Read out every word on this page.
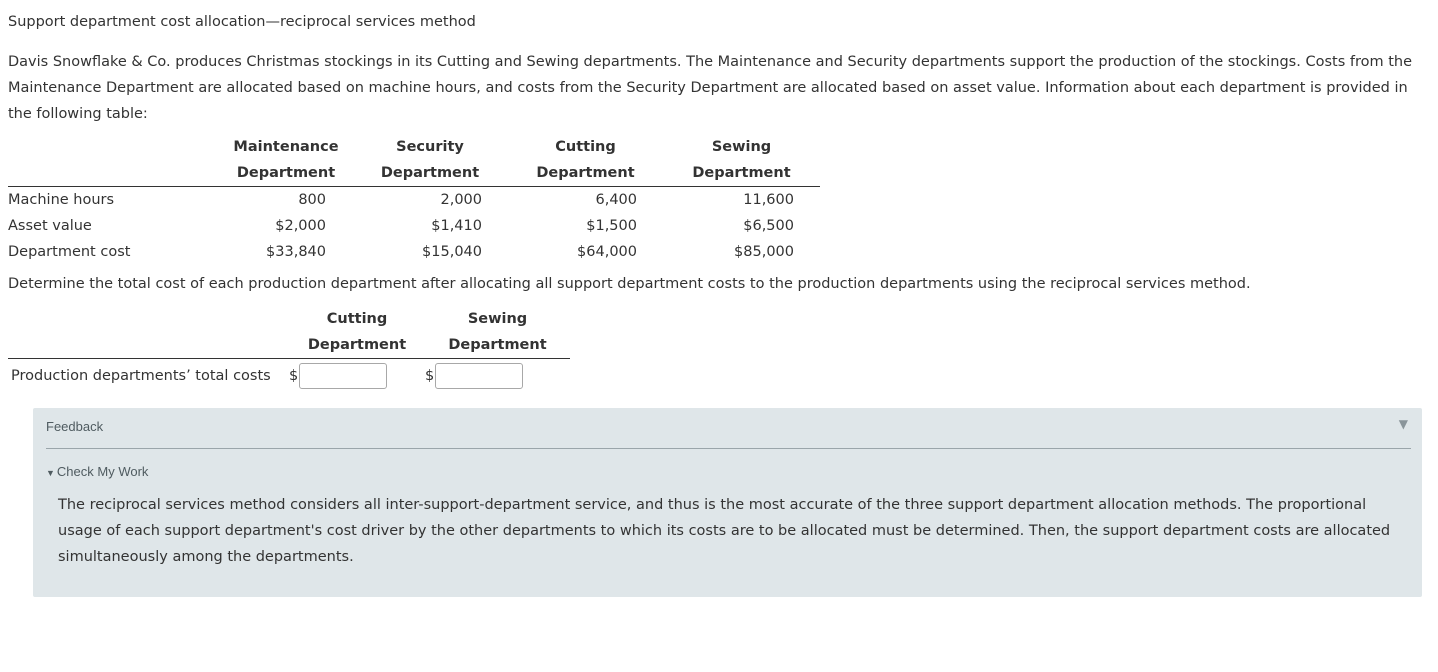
Support department cost allocation—reciprocal services method
Davis Snowflake & Co. produces Christmas stockings in its Cutting and Sewing departments. The Maintenance and Security departments support the production of the stockings. Costs from the Maintenance Department are allocated based on machine hours, and costs from the Security Department are allocated based on asset value. Information about each department is provided in the following table:
	Maintenance	Security	Cutting	Sewing
	Department	Department	Department	Department
Machine hours	800	2,000	6,400	11,600
Asset value	$2,000	$1,410	$1,500	$6,500
Department cost	$33,840	$15,040	$64,000	$85,000
Determine the total cost of each production department after allocating all support department costs to the production departments using the reciprocal services method.
	Cutting	Sewing
	Department	Department
Production departments’ total costs	$	$
Feedback	▼
▼ Check My Work
The reciprocal services method considers all inter-support-department service, and thus is the most accurate of the three support department allocation methods. The proportional usage of each support department's cost driver by the other departments to which its costs are to be allocated must be determined. Then, the support department costs are allocated simultaneously among the departments.
